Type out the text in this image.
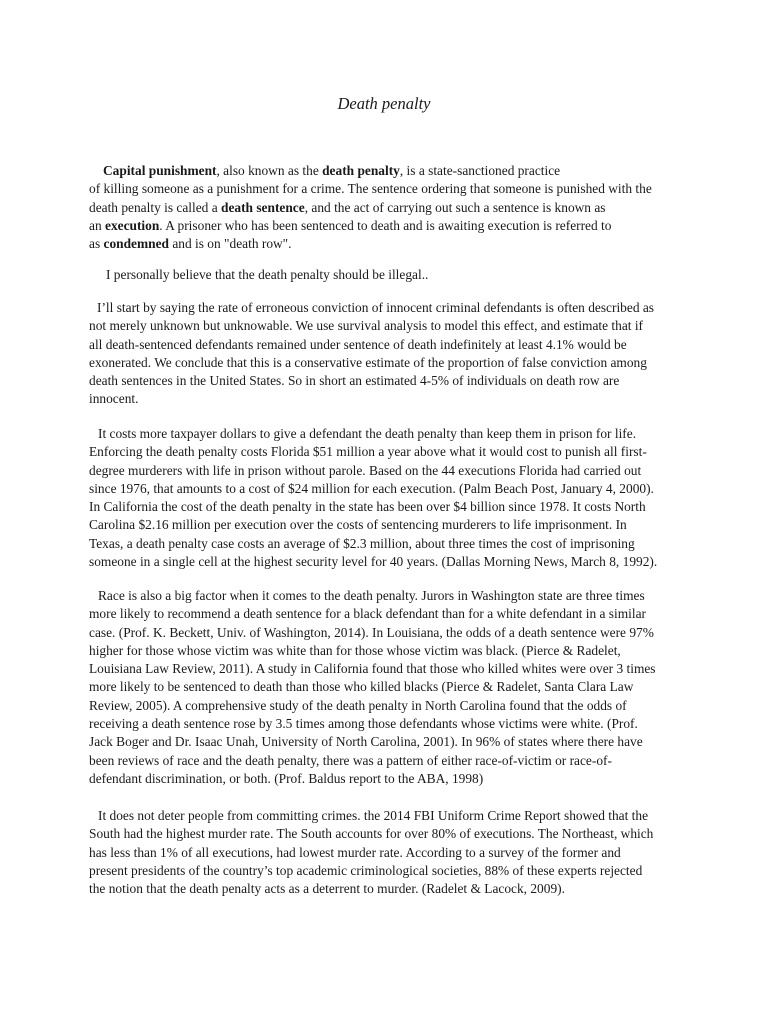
Death penalty
Capital punishment, also known as the death penalty, is a state-sanctioned practice
of killing someone as a punishment for a crime. The sentence ordering that someone is punished with the
death penalty is called a death sentence, and the act of carrying out such a sentence is known as
an execution. A prisoner who has been sentenced to death and is awaiting execution is referred to
as condemned and is on "death row".
I personally believe that the death penalty should be illegal..
I’ll start by saying the rate of erroneous conviction of innocent criminal defendants is often described as
not merely unknown but unknowable. We use survival analysis to model this effect, and estimate that if
all death-sentenced defendants remained under sentence of death indefinitely at least 4.1% would be
exonerated. We conclude that this is a conservative estimate of the proportion of false conviction among
death sentences in the United States. So in short an estimated 4-5% of individuals on death row are
innocent.
It costs more taxpayer dollars to give a defendant the death penalty than keep them in prison for life.
Enforcing the death penalty costs Florida $51 million a year above what it would cost to punish all first-
degree murderers with life in prison without parole. Based on the 44 executions Florida had carried out
since 1976, that amounts to a cost of $24 million for each execution. (Palm Beach Post, January 4, 2000).
In California the cost of the death penalty in the state has been over $4 billion since 1978. It costs North
Carolina $2.16 million per execution over the costs of sentencing murderers to life imprisonment. In
Texas, a death penalty case costs an average of $2.3 million, about three times the cost of imprisoning
someone in a single cell at the highest security level for 40 years. (Dallas Morning News, March 8, 1992).
Race is also a big factor when it comes to the death penalty. Jurors in Washington state are three times
more likely to recommend a death sentence for a black defendant than for a white defendant in a similar
case. (Prof. K. Beckett, Univ. of Washington, 2014). In Louisiana, the odds of a death sentence were 97%
higher for those whose victim was white than for those whose victim was black. (Pierce & Radelet,
Louisiana Law Review, 2011). A study in California found that those who killed whites were over 3 times
more likely to be sentenced to death than those who killed blacks (Pierce & Radelet, Santa Clara Law
Review, 2005). A comprehensive study of the death penalty in North Carolina found that the odds of
receiving a death sentence rose by 3.5 times among those defendants whose victims were white. (Prof.
Jack Boger and Dr. Isaac Unah, University of North Carolina, 2001). In 96% of states where there have
been reviews of race and the death penalty, there was a pattern of either race-of-victim or race-of-
defendant discrimination, or both. (Prof. Baldus report to the ABA, 1998)
It does not deter people from committing crimes. the 2014 FBI Uniform Crime Report showed that the
South had the highest murder rate. The South accounts for over 80% of executions. The Northeast, which
has less than 1% of all executions, had lowest murder rate. According to a survey of the former and
present presidents of the country’s top academic criminological societies, 88% of these experts rejected
the notion that the death penalty acts as a deterrent to murder. (Radelet & Lacock, 2009).
